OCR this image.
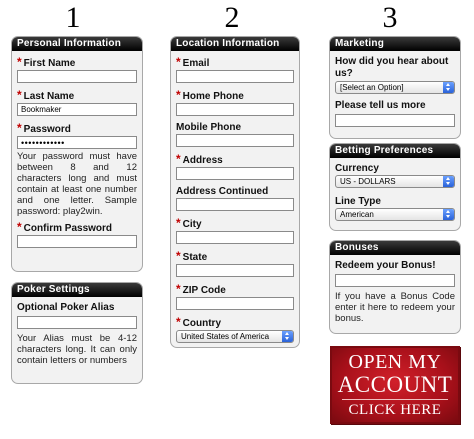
1	2	3
Personal Information
* First Name
* Last Name
Bookmaker
* Password
••••••••••••
Your password must have between 8 and 12 characters long and must contain at least one number and one letter. Sample password: play2win.
* Confirm Password
Poker Settings
Optional Poker Alias
Your Alias must be 4-12 characters long. It can only contain letters or numbers
Location Information
* Email
* Home Phone
Mobile Phone
* Address
Address Continued
* City
* State
* ZIP Code
* Country
United States of America
Marketing
How did you hear about us?
[Select an Option]
Please tell us more
Betting Preferences
Currency
US - DOLLARS
Line Type
American
Bonuses
Redeem your Bonus!
If you have a Bonus Code enter it here to redeem your bonus.
OPEN MY
ACCOUNT
CLICK HERE
